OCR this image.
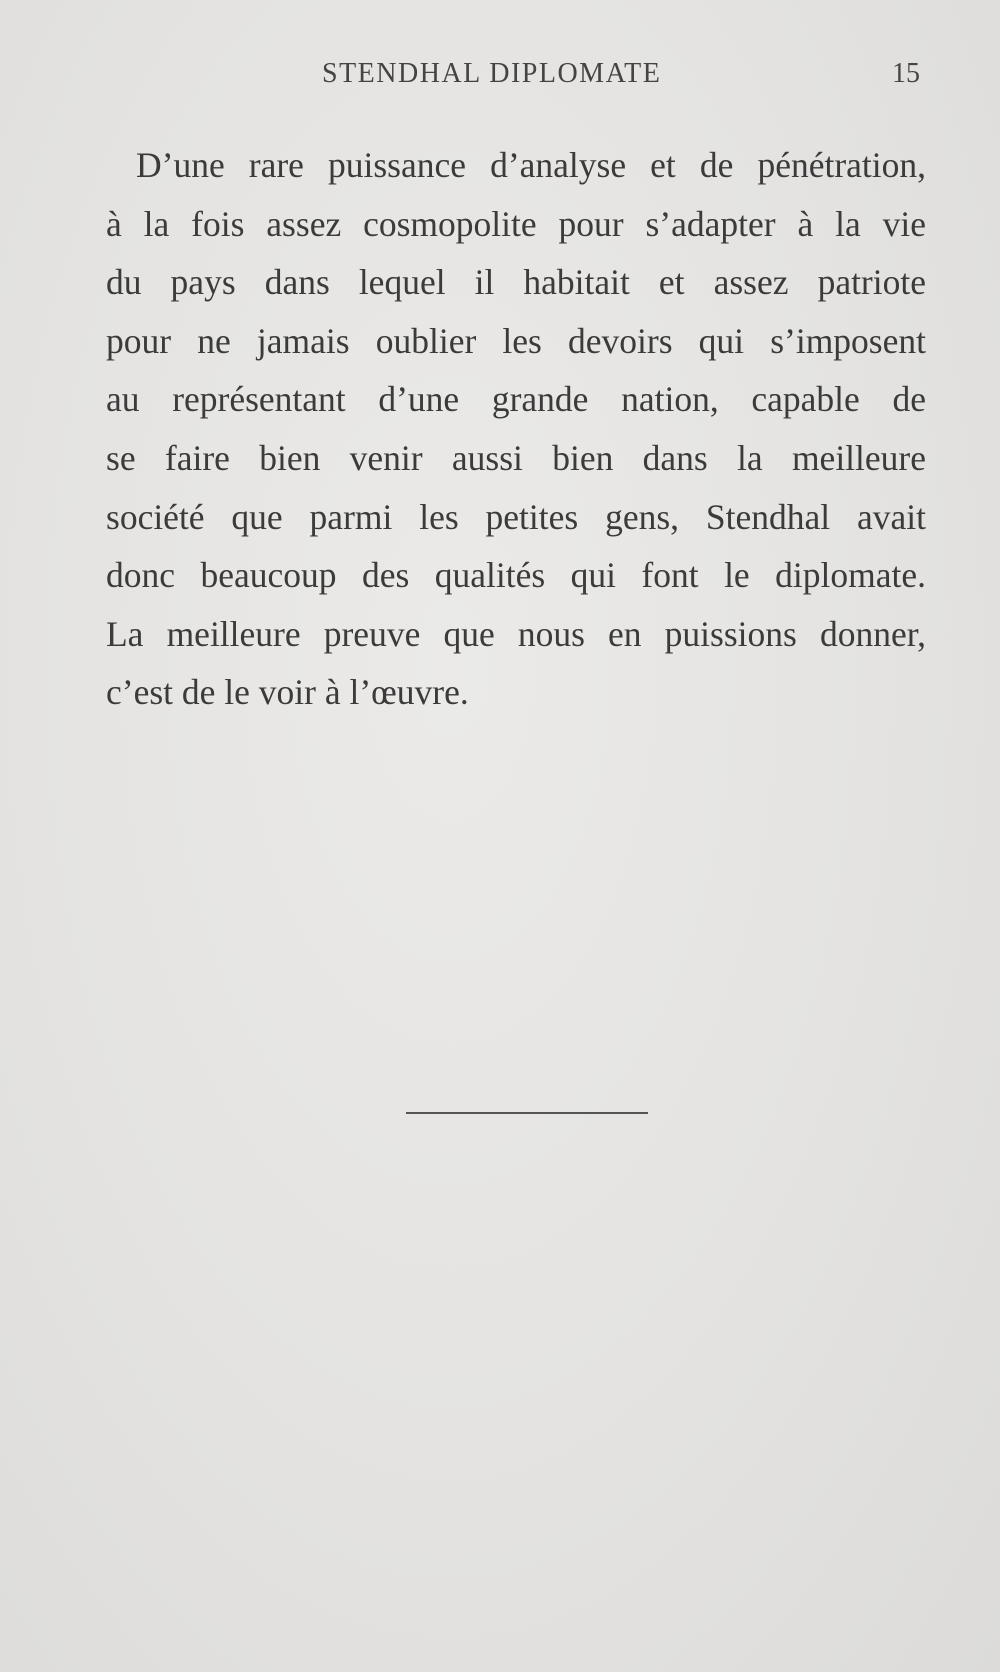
STENDHAL DIPLOMATE	15
D’une rare puissance d’analyse et de pénétration,
à la fois assez cosmopolite pour s’adapter à la vie
du pays dans lequel il habitait et assez patriote
pour ne jamais oublier les devoirs qui s’imposent
au représentant d’une grande nation, capable de
se faire bien venir aussi bien dans la meilleure
société que parmi les petites gens, Stendhal avait
donc beaucoup des qualités qui font le diplomate.
La meilleure preuve que nous en puissions donner,
c’est de le voir à l’œuvre.
